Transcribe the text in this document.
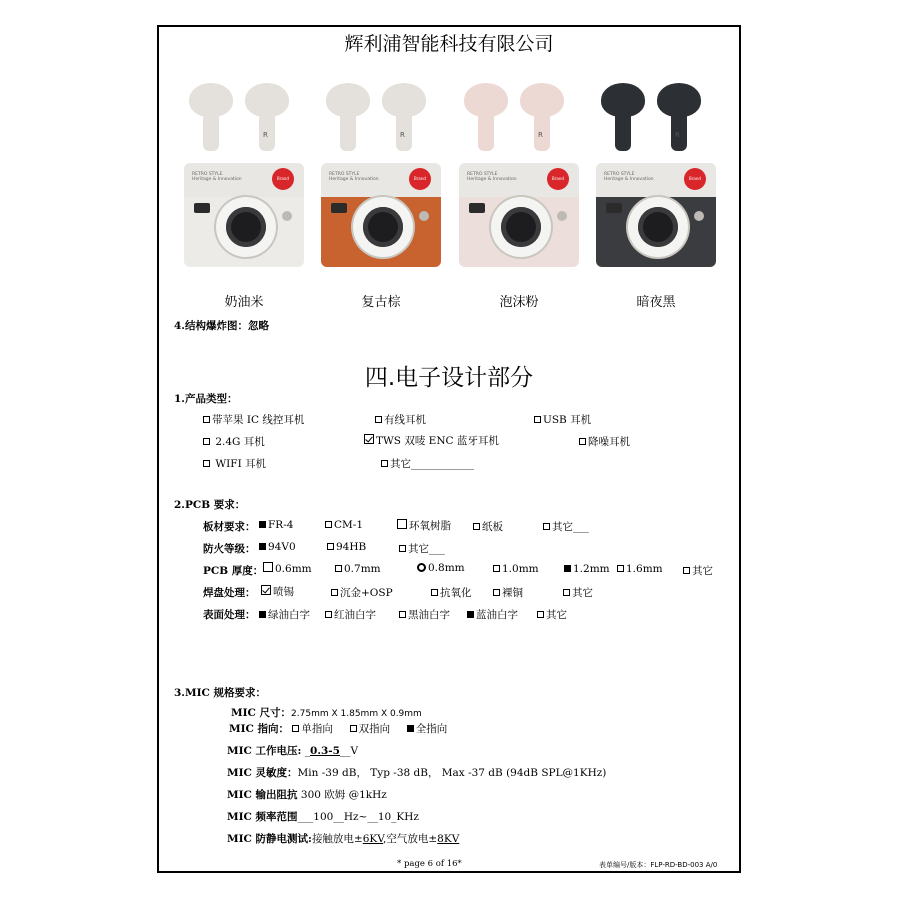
辉利浦智能科技有限公司
R
RETRO STYLE
Heritage & Innovation	Brand
奶油米
R
RETRO STYLE
Heritage & Innovation	Brand
复古棕
R
RETRO STYLE
Heritage & Innovation	Brand
泡沫粉
R
RETRO STYLE
Heritage & Innovation	Brand
暗夜黑
4.结构爆炸图：忽略
四.电子设计部分
1.产品类型：
带苹果 IC 线控耳机	有线耳机	USB 耳机
2.4G 耳机	TWS 双唛 ENC 蓝牙耳机	降噪耳机
WIFI 耳机	其它____________
2.PCB 要求：
板材要求：	FR-4	CM-1	环氧树脂	纸板	其它___
防火等级：	94V0	94HB	其它___
PCB 厚度：	0.6mm	0.7mm	0.8mm	1.0mm	1.2mm	1.6mm	其它
焊盘处理：	喷锡	沉金+OSP	抗氧化	裸铜	其它
表面处理：	绿油白字	红油白字	黑油白字	蓝油白字	其它
3.MIC 规格要求：
MIC 尺寸：2.75mm X 1.85mm X 0.9mm
MIC 指向： 单指向 双指向 全指向
MIC 工作电压: _0.3-5__V
MIC 灵敏度：Min -39 dB， Typ -38 dB， Max -37 dB (94dB SPL@1KHz)
MIC 输出阻抗 300 欧姆 @1kHz
MIC 频率范围___100__Hz~__10_KHz
MIC 防静电测试:接触放电±6KV,空气放电±8KV
* page 6 of 16*	表单编号/版本：FLP-RD-BD-003 A/0
